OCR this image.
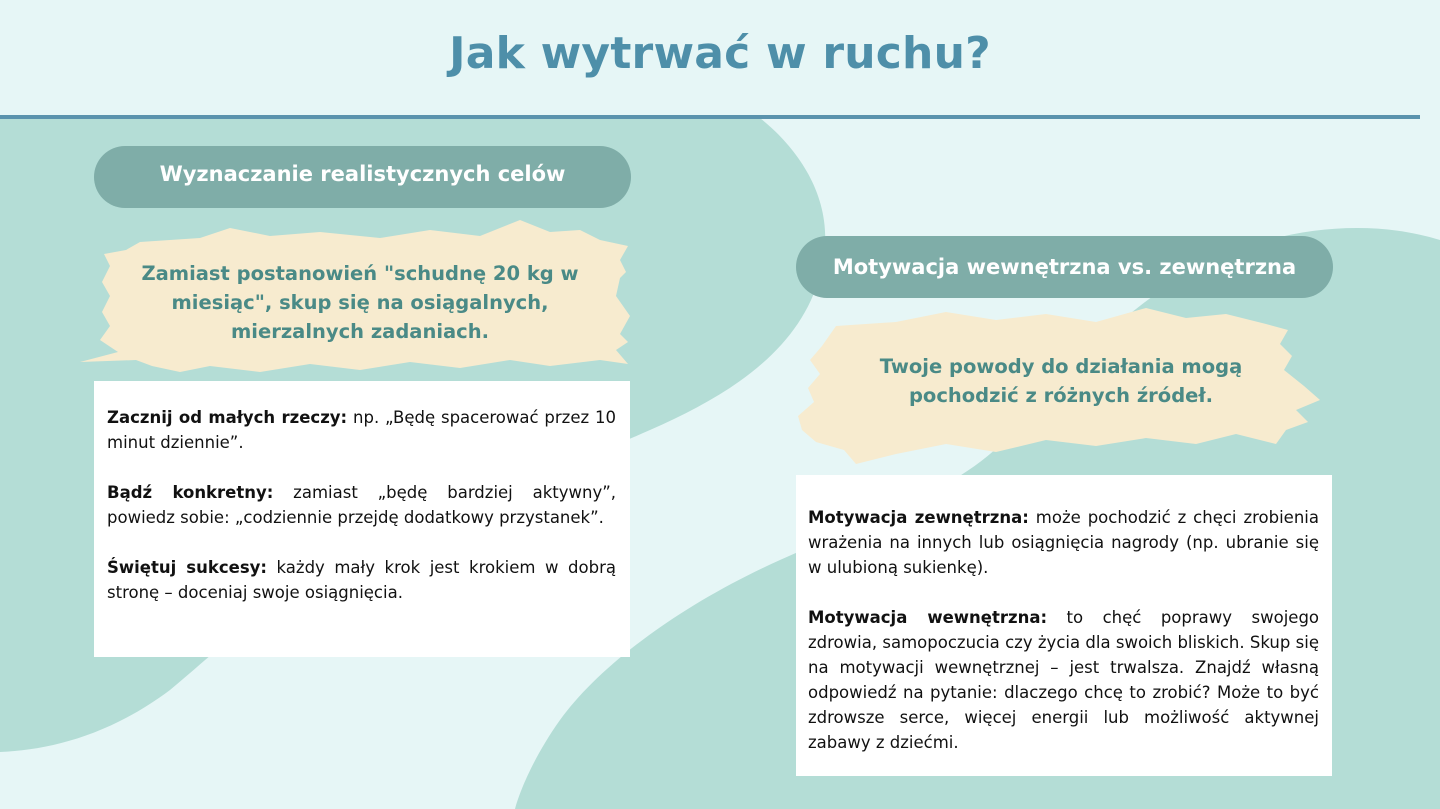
Jak wytrwać w ruchu?
Wyznaczanie realistycznych celów
Zamiast postanowień "schudnę 20 kg w miesiąc", skup się na osiągalnych, mierzalnych zadaniach.

Zacznij od małych rzeczy: np. „Będę spacerować przez 10 minut dziennie”.

Bądź konkretny: zamiast „będę bardziej aktywny”, powiedz sobie: „codziennie przejdę dodatkowy przystanek”.

Świętuj sukcesy: każdy mały krok jest krokiem w dobrą stronę – doceniaj swoje osiągnięcia.

Motywacja wewnętrzna vs. zewnętrzna
Twoje powody do działania mogą pochodzić z różnych źródeł.

Motywacja zewnętrzna: może pochodzić z chęci zrobienia wrażenia na innych lub osiągnięcia nagrody (np. ubranie się w ulubioną sukienkę).

Motywacja wewnętrzna: to chęć poprawy swojego zdrowia, samopoczucia czy życia dla swoich bliskich. Skup się na motywacji wewnętrznej – jest trwalsza. Znajdź własną odpowiedź na pytanie: dlaczego chcę to zrobić? Może to być zdrowsze serce, więcej energii lub możliwość aktywnej zabawy z dziećmi.
